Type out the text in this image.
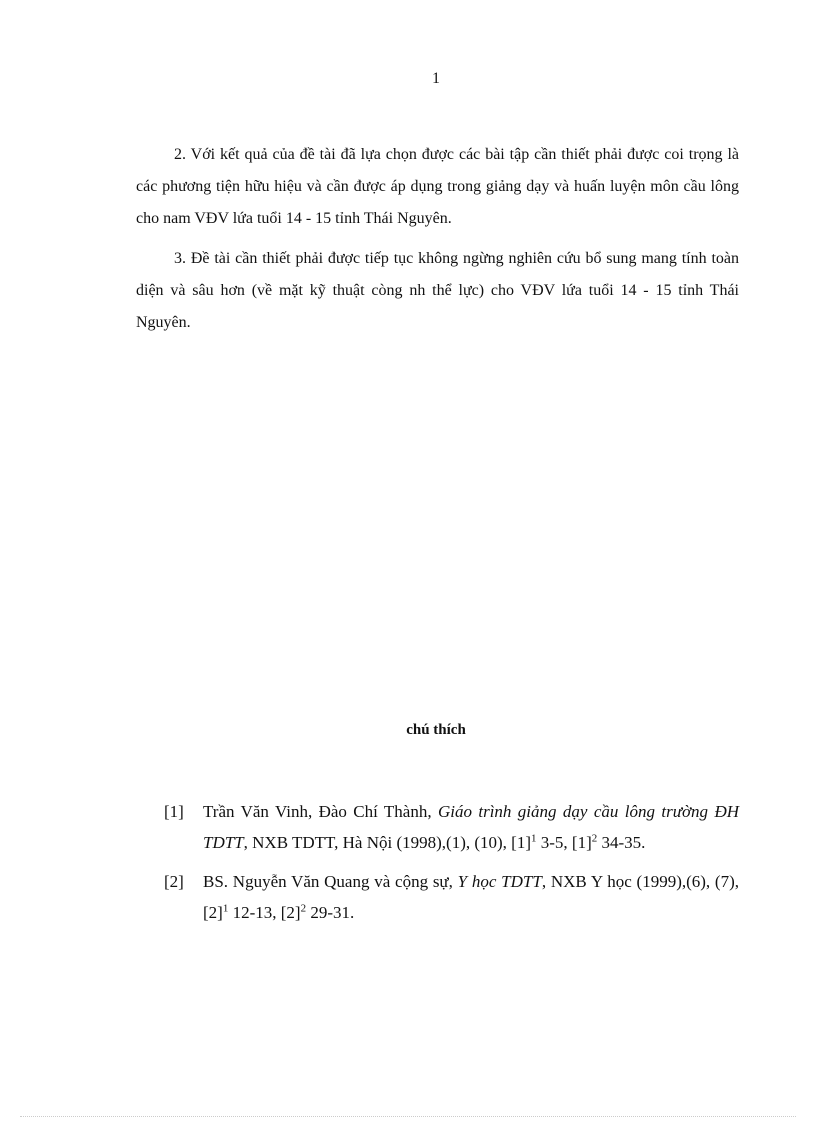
1

2. Với kết quả của đề tài đã lựa chọn được các bài tập cần thiết phải được coi trọng là các phương tiện hữu hiệu và cần được áp dụng trong giảng dạy và huấn luyện môn cầu lông cho nam VĐV lứa tuổi 14 - 15 tỉnh Thái Nguyên.

3. Đề tài cần thiết phải được tiếp tục không ngừng nghiên cứu bổ sung mang tính toàn diện và sâu hơn (về mặt kỹ thuật còng nh thể lực) cho VĐV lứa tuổi 14 - 15 tỉnh Thái Nguyên.

chú thích
[1]	Trần Văn Vinh, Đào Chí Thành, Giáo trình giảng dạy cầu lông trường ĐH TDTT, NXB TDTT, Hà Nội (1998),(1), (10), $[1]^1$ 3-5, $[1]^2$ 34-35.
[2]	BS. Nguyễn Văn Quang và cộng sự, Y học TDTT, NXB Y học (1999),(6), (7), $[2]^1$ 12-13, $[2]^2$ 29-31.
